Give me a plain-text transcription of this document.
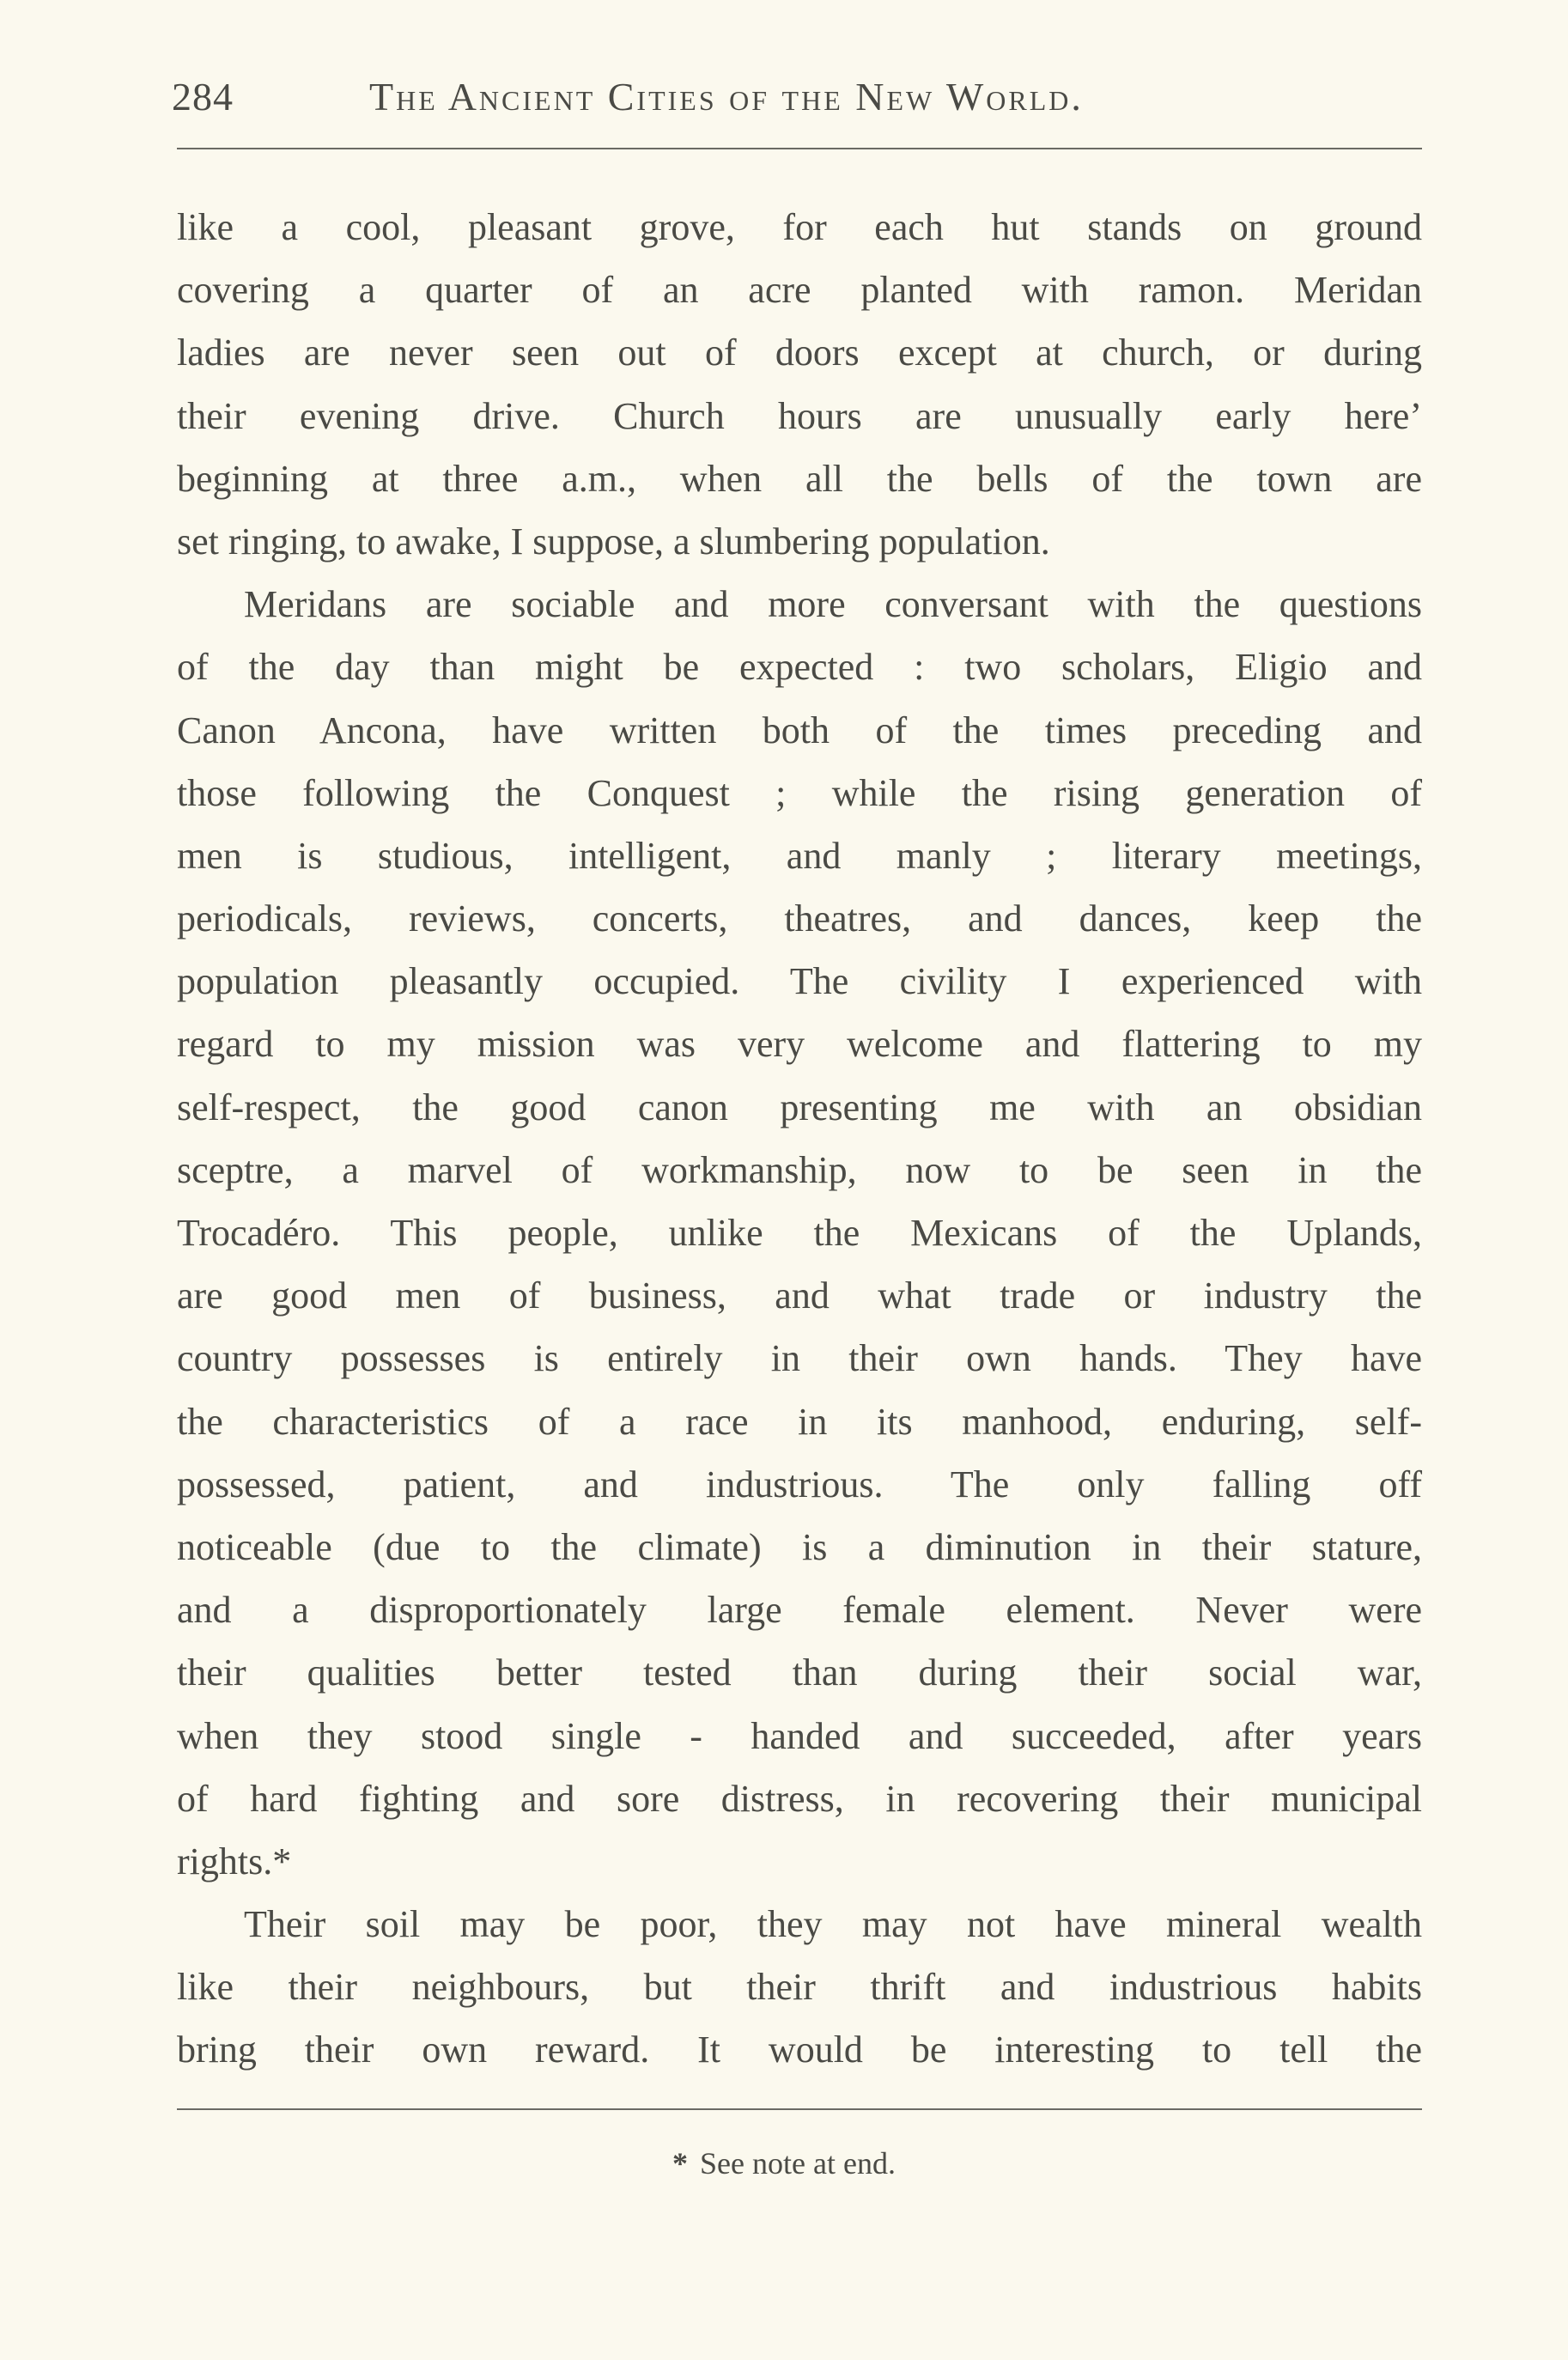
284	The Ancient Cities of the New World.
like a cool, pleasant grove, for each hut stands on ground
covering a quarter of an acre planted with ramon. Meridan
ladies are never seen out of doors except at church, or during
their evening drive. Church hours are unusually early hereʼ
beginning at three a.m., when all the bells of the town are
set ringing, to awake, I suppose, a slumbering population.
Meridans are sociable and more conversant with the questions
of the day than might be expected : two scholars, Eligio and
Canon Ancona, have written both of the times preceding and
those following the Conquest ; while the rising generation of
men is studious, intelligent, and manly ; literary meetings,
periodicals, reviews, concerts, theatres, and dances, keep the
population pleasantly occupied. The civility I experienced with
regard to my mission was very welcome and flattering to my
self-respect, the good canon presenting me with an obsidian
sceptre, a marvel of workmanship, now to be seen in the
Trocadéro. This people, unlike the Mexicans of the Uplands,
are good men of business, and what trade or industry the
country possesses is entirely in their own hands. They have
the characteristics of a race in its manhood, enduring, self-
possessed, patient, and industrious. The only falling off
noticeable (due to the climate) is a diminution in their stature,
and a disproportionately large female element. Never were
their qualities better tested than during their social war,
when they stood single - handed and succeeded, after years
of hard fighting and sore distress, in recovering their municipal
rights.*
Their soil may be poor, they may not have mineral wealth
like their neighbours, but their thrift and industrious habits
bring their own reward. It would be interesting to tell the
* See note at end.
